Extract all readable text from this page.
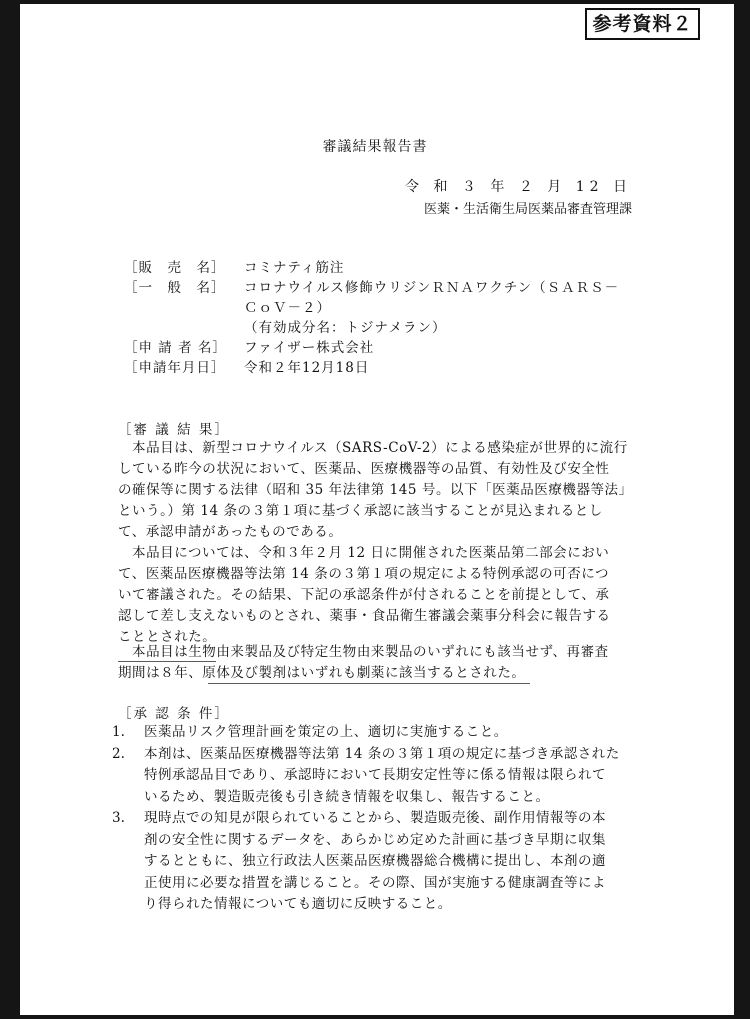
参考資料２
審議結果報告書
令 和 ３ 年 ２ 月 12 日
医薬・生活衛生局医薬品審査管理課
［販　売　名］	コミナティ筋注
［一　般　名］	コロナウイルス修飾ウリジンＲＮＡワクチン（ＳＡＲＳ－
ＣｏＶ－２）
（有効成分名：トジナメラン）
［申 請 者 名］	ファイザー株式会社
［申請年月日］	令和２年12月18日
［審 議 結 果］
　本品目は、新型コロナウイルス（SARS-CoV-2）による感染症が世界的に流行
している昨今の状況において、医薬品、医療機器等の品質、有効性及び安全性
の確保等に関する法律（昭和 35 年法律第 145 号。以下「医薬品医療機器等法」
という。）第 14 条の３第１項に基づく承認に該当することが見込まれるとし
て、承認申請があったものである。
　本品目については、令和３年２月 12 日に開催された医薬品第二部会におい
て、医薬品医療機器等法第 14 条の３第１項の規定による特例承認の可否につ
いて審議された。その結果、下記の承認条件が付されることを前提として、承
認して差し支えないものとされ、薬事・食品衛生審議会薬事分科会に報告する
こととされた。
　本品目は生物由来製品及び特定生物由来製品のいずれにも該当せず、再審査
期間は８年、原体及び製剤はいずれも劇薬に該当するとされた。
［承 認 条 件］
1.	医薬品リスク管理計画を策定の上、適切に実施すること。
2.	本剤は、医薬品医療機器等法第 14 条の３第１項の規定に基づき承認された
特例承認品目であり、承認時において長期安定性等に係る情報は限られて
いるため、製造販売後も引き続き情報を収集し、報告すること。
3.	現時点での知見が限られていることから、製造販売後、副作用情報等の本
剤の安全性に関するデータを、あらかじめ定めた計画に基づき早期に収集
するとともに、独立行政法人医薬品医療機器総合機構に提出し、本剤の適
正使用に必要な措置を講じること。その際、国が実施する健康調査等によ
り得られた情報についても適切に反映すること。
